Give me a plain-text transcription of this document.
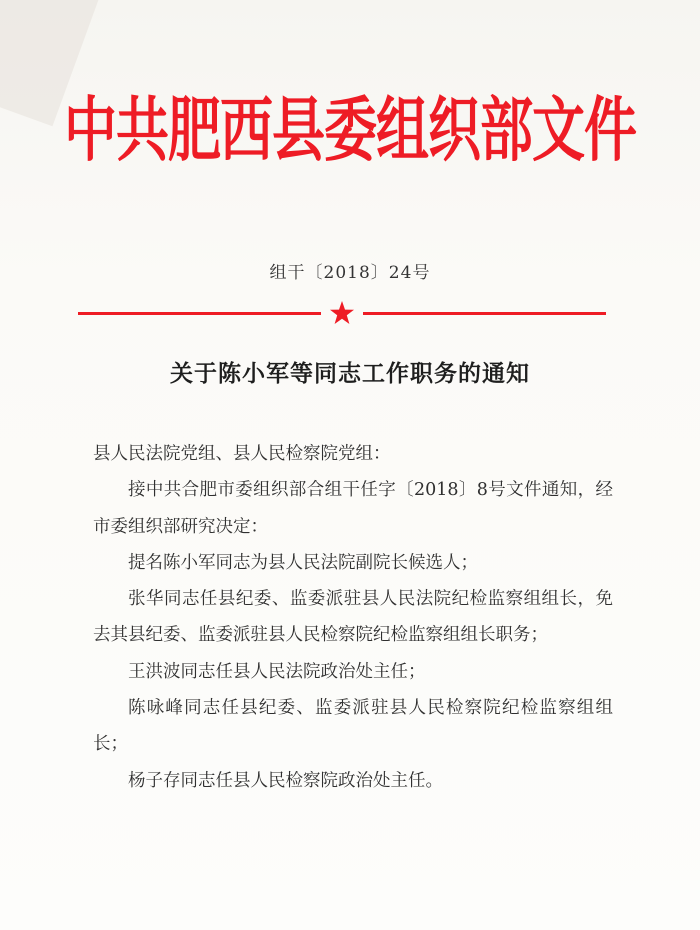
中共肥西县委组织部文件
组干〔2018〕24号
关于陈小军等同志工作职务的通知

县人民法院党组、县人民检察院党组：

接中共合肥市委组织部合组干任字〔2018〕8号文件通知，经市委组织部研究决定：

提名陈小军同志为县人民法院副院长候选人；

张华同志任县纪委、监委派驻县人民法院纪检监察组组长，免去其县纪委、监委派驻县人民检察院纪检监察组组长职务；

王洪波同志任县人民法院政治处主任；

陈咏峰同志任县纪委、监委派驻县人民检察院纪检监察组组长；

杨子存同志任县人民检察院政治处主任。
